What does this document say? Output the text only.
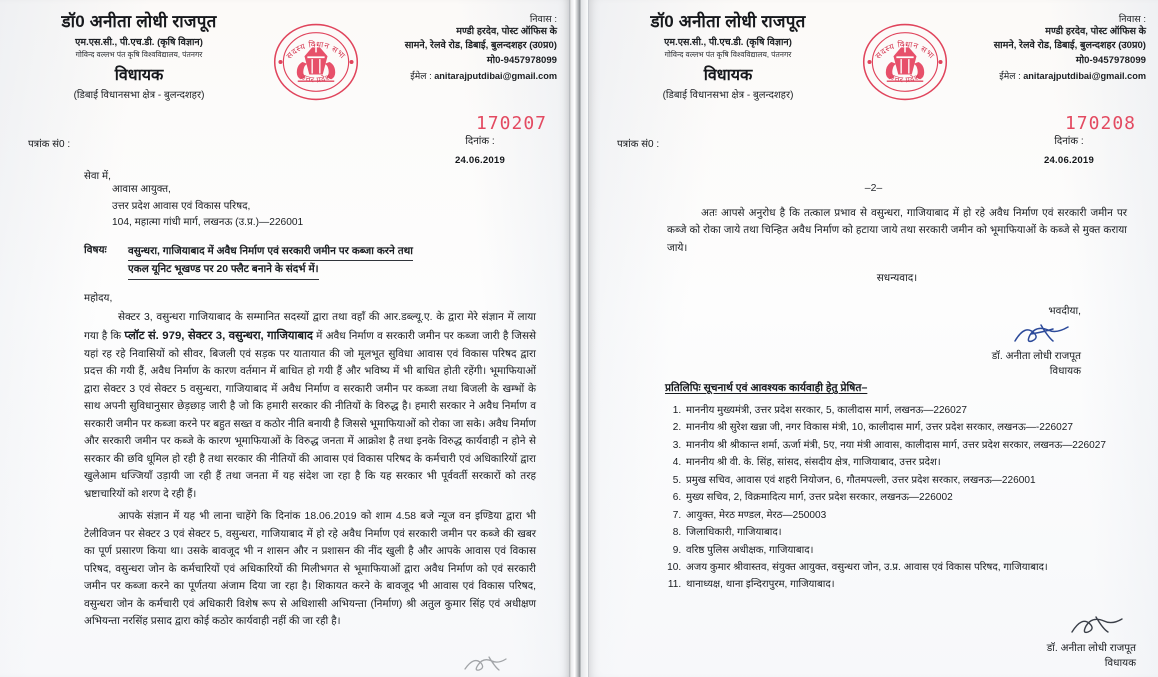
डॉ0 अनीता लोधी राजपूत
एम.एस.सी., पी.एच.डी. (कृषि विज्ञान)
गोविन्द वल्लभ पंत कृषि विश्वविद्यालय, पंतनगर
विधायक
(डिबाई विधानसभा क्षेत्र - बुलन्दशहर)
सदस्य विधान सभा
उत्तर प्रदेश
निवास :
मण्डी हरदेव, पोस्ट ऑफिस के
सामने, रेलवे रोड, डिबाई, बुलन्दशहर (उ0प्र0)
मो0-9457978099
ईमेल : anitarajputdibai@gmail.com
170207
पत्रांक सं0 :	दिनांक :
24.06.2019
सेवा में,
आवास आयुक्त,
उत्तर प्रदेश आवास एवं विकास परिषद,
104, महात्मा गांधी मार्ग, लखनऊ (उ.प्र.)—226001
विषयः	वसुन्धरा, गाजियाबाद में अवैध निर्माण एवं सरकारी जमीन पर कब्जा करने तथा
एकल यूनिट भूखण्ड पर 20 फ्लैट बनाने के संदर्भ में।
महोदय,
सेक्टर 3, वसुन्धरा गाजियाबाद के सम्मानित सदस्यों द्वारा तथा वहाँ की आर.डब्ल्यू.ए. के द्वारा मेरे संज्ञान में लाया गया है कि प्लॉट सं. 979, सेक्टर 3, वसुन्धरा, गाजियाबाद में अवैध निर्माण व सरकारी जमीन पर कब्जा जारी है जिससे यहां रह रहे निवासियों को सीवर, बिजली एवं सड़क पर यातायात की जो मूलभूत सुविधा आवास एवं विकास परिषद द्वारा प्रदत्त की गयी हैं, अवैध निर्माण के कारण वर्तमान में बाधित हो गयी हैं और भविष्य में भी बाधित होती रहेंगी। भूमाफियाओं द्वारा सेक्टर 3 एवं सेक्टर 5 वसुन्धरा, गाजियाबाद में अवैध निर्माण व सरकारी जमीन पर कब्जा तथा बिजली के खम्भों के साथ अपनी सुविधानुसार छेड़छाड़ जारी है जो कि हमारी सरकार की नीतियों के विरुद्ध है। हमारी सरकार ने अवैध निर्माण व सरकारी जमीन पर कब्जा करने पर बहुत सख्त व कठोर नीति बनायी है जिससे भूमाफियाओं को रोका जा सके। अवैध निर्माण और सरकारी जमीन पर कब्जे के कारण भूमाफियाओं के विरुद्ध जनता में आक्रोश है तथा इनके विरुद्ध कार्यवाही न होने से सरकार की छवि धूमिल हो रही है तथा सरकार की नीतियों की आवास एवं विकास परिषद के कर्मचारी एवं अधिकारियों द्वारा खुलेआम धज्जियाँ उड़ायी जा रही हैं तथा जनता में यह संदेश जा रहा है कि यह सरकार भी पूर्ववर्ती सरकारों को तरह भ्रष्टाचारियों को शरण दे रही हैं।
आपके संज्ञान में यह भी लाना चाहेंगे कि दिनांक 18.06.2019 को शाम 4.58 बजे न्यूज वन इण्डिया द्वारा भी टेलीविजन पर सेक्टर 3 एवं सेक्टर 5, वसुन्धरा, गाजियाबाद में हो रहे अवैध निर्माण एवं सरकारी जमीन पर कब्जे की खबर का पूर्ण प्रसारण किया था। उसके बावजूद भी न शासन और न प्रशासन की नींद खुली है और आपके आवास एवं विकास परिषद, वसुन्धरा जोन के कर्मचारियों एवं अधिकारियों की मिलीभगत से भूमाफियाओं द्वारा अवैध निर्माण को एवं सरकारी जमीन पर कब्जा करने का पूर्णतया अंजाम दिया जा रहा है। शिकायत करने के बावजूद भी आवास एवं विकास परिषद, वसुन्धरा जोन के कर्मचारी एवं अधिकारी विशेष रूप से अधिशासी अभियन्ता (निर्माण) श्री अतुल कुमार सिंह एवं अधीक्षण अभियन्ता नरसिंह प्रसाद द्वारा कोई कठोर कार्यवाही नहीं की जा रही है।
डॉ0 अनीता लोधी राजपूत
एम.एस.सी., पी.एच.डी. (कृषि विज्ञान)
गोविन्द वल्लभ पंत कृषि विश्वविद्यालय, पंतनगर
विधायक
(डिबाई विधानसभा क्षेत्र - बुलन्दशहर)
सदस्य विधान सभा
उत्तर प्रदेश
निवास :
मण्डी हरदेव, पोस्ट ऑफिस के
सामने, रेलवे रोड, डिबाई, बुलन्दशहर (उ0प्र0)
मो0-9457978099
ईमेल : anitarajputdibai@gmail.com
170208
पत्रांक सं0 :	दिनांक :
24.06.2019
–2–
अतः आपसे अनुरोध है कि तत्काल प्रभाव से वसुन्धरा, गाजियाबाद में हो रहे अवैध निर्माण एवं सरकारी जमीन पर कब्जे को रोका जाये तथा चिन्हित अवैध निर्माण को हटाया जाये तथा सरकारी जमीन को भूमाफियाओं के कब्जे से मुक्त कराया जाये।
सधन्यवाद।
भवदीया,
डॉ. अनीता लोधी राजपूत
विधायक
प्रतिलिपिः सूचनार्थ एवं आवश्यक कार्यवाही हेतु प्रेषित–
1. माननीय मुख्यमंत्री, उत्तर प्रदेश सरकार, 5, कालीदास मार्ग, लखनऊ—226027
2. माननीय श्री सुरेश खन्ना जी, नगर विकास मंत्री, 10, कालीदास मार्ग, उत्तर प्रदेश सरकार, लखनऊ—-226027
3. माननीय श्री श्रीकान्त शर्मा, ऊर्जा मंत्री, 5ए, नया मंत्री आवास, कालीदास मार्ग, उत्तर प्रदेश सरकार, लखनऊ—226027
4. माननीय श्री वी. के. सिंह, सांसद, संसदीय क्षेत्र, गाजियाबाद, उत्तर प्रदेश।
5. प्रमुख सचिव, आवास एवं शहरी नियोजन, 6, गौतमपल्ली, उत्तर प्रदेश सरकार, लखनऊ—226001
6. मुख्य सचिव, 2, विक्रमादित्य मार्ग, उत्तर प्रदेश सरकार, लखनऊ—226002
7. आयुक्त, मेरठ मण्डल, मेरठ—250003
8. जिलाधिकारी, गाजियाबाद।
9. वरिष्ठ पुलिस अधीक्षक, गाजियाबाद।
10. अजय कुमार श्रीवास्तव, संयुक्त आयुक्त, वसुन्धरा जोन, उ.प्र. आवास एवं विकास परिषद, गाजियाबाद।
11. थानाध्यक्ष, थाना इन्दिरापुरम, गाजियाबाद।
डॉ. अनीता लोधी राजपूत
विधायक
